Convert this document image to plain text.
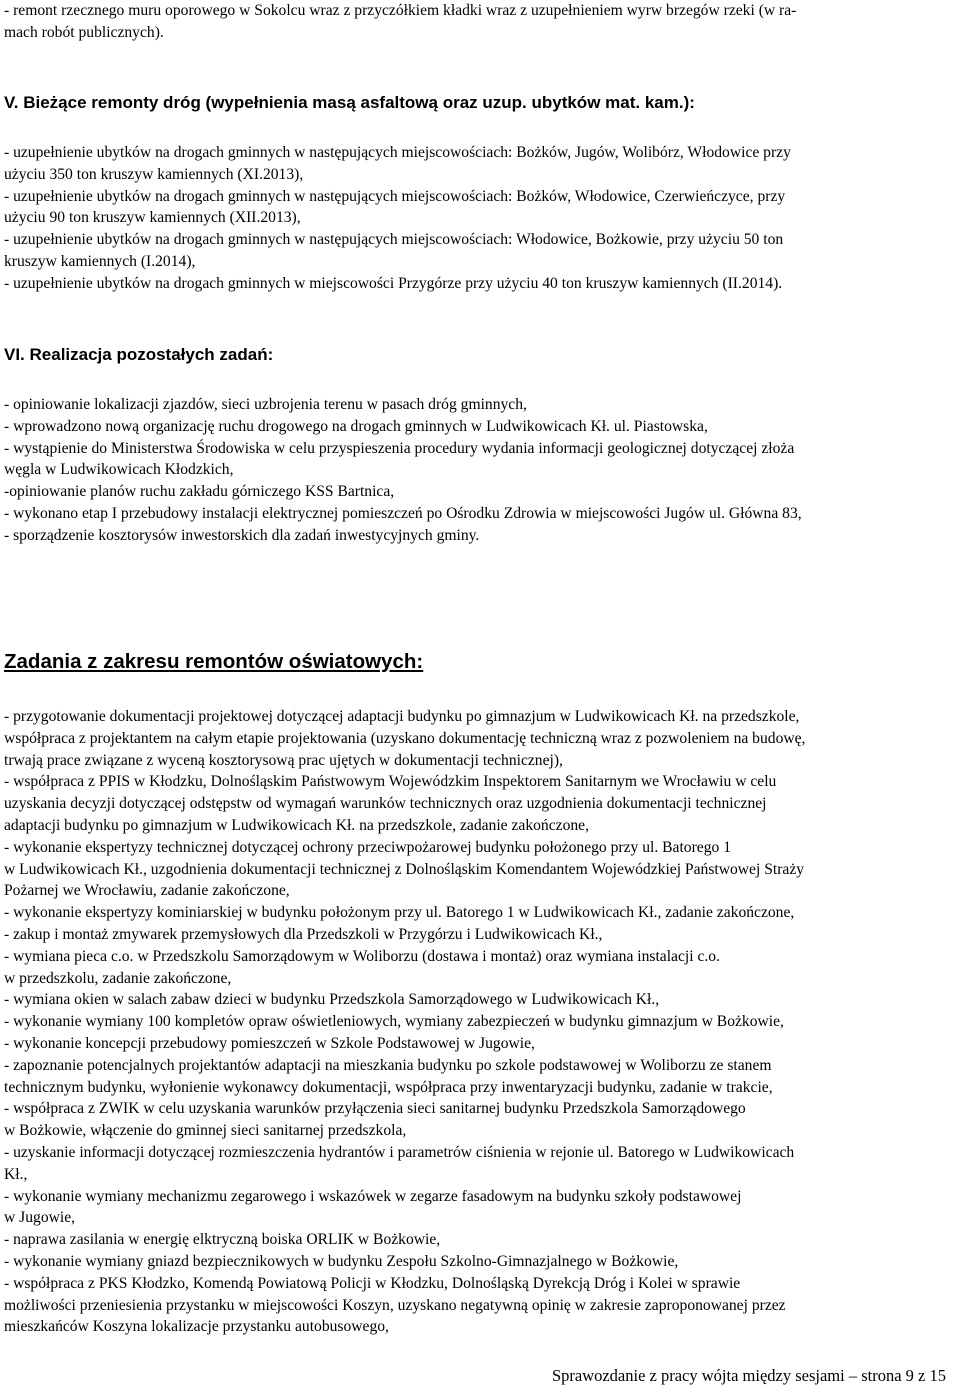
- remont rzecznego muru oporowego w Sokolcu wraz z przyczółkiem kładki wraz z uzupełnieniem wyrw brzegów rzeki (w ra-
mach robót publicznych).
V. Bieżące remonty dróg (wypełnienia masą asfaltową oraz uzup. ubytków mat. kam.):
- uzupełnienie ubytków na drogach gminnych w następujących miejscowościach: Bożków, Jugów, Wolibórz, Włodowice przy
użyciu 350 ton kruszyw kamiennych (XI.2013),
- uzupełnienie ubytków na drogach gminnych w następujących miejscowościach: Bożków, Włodowice, Czerwieńczyce, przy
użyciu 90 ton kruszyw kamiennych (XII.2013),
- uzupełnienie ubytków na drogach gminnych w następujących miejscowościach: Włodowice, Bożkowie, przy użyciu 50 ton
kruszyw kamiennych (I.2014),
- uzupełnienie ubytków na drogach gminnych w miejscowości Przygórze przy użyciu 40 ton kruszyw kamiennych (II.2014).
VI. Realizacja pozostałych zadań:
- opiniowanie lokalizacji zjazdów, sieci uzbrojenia terenu w pasach dróg gminnych,
- wprowadzono nową organizację ruchu drogowego na drogach gminnych w Ludwikowicach Kł. ul. Piastowska,
- wystąpienie do Ministerstwa Środowiska w celu przyspieszenia procedury wydania informacji geologicznej dotyczącej złoża
węgla w Ludwikowicach Kłodzkich,
-opiniowanie planów ruchu zakładu górniczego KSS Bartnica,
- wykonano etap I przebudowy instalacji elektrycznej pomieszczeń po Ośrodku Zdrowia w miejscowości Jugów ul. Główna 83,
- sporządzenie kosztorysów inwestorskich dla zadań inwestycyjnych gminy.
Zadania z zakresu remontów oświatowych:
- przygotowanie dokumentacji projektowej dotyczącej adaptacji budynku po gimnazjum w Ludwikowicach Kł. na przedszkole,
współpraca z projektantem na całym etapie projektowania (uzyskano dokumentację techniczną wraz z pozwoleniem na budowę,
trwają prace związane z wyceną kosztorysową prac ujętych w dokumentacji technicznej),
- współpraca z PPIS w Kłodzku, Dolnośląskim Państwowym Wojewódzkim Inspektorem Sanitarnym we Wrocławiu w celu
uzyskania decyzji dotyczącej odstępstw od wymagań warunków technicznych oraz uzgodnienia dokumentacji technicznej
adaptacji budynku po gimnazjum w Ludwikowicach Kł. na przedszkole, zadanie zakończone,
- wykonanie ekspertyzy technicznej dotyczącej ochrony przeciwpożarowej budynku położonego przy ul. Batorego 1
w Ludwikowicach Kł., uzgodnienia dokumentacji technicznej z Dolnośląskim Komendantem Wojewódzkiej Państwowej Straży
Pożarnej we Wrocławiu, zadanie zakończone,
- wykonanie ekspertyzy kominiarskiej w budynku położonym przy ul. Batorego 1 w Ludwikowicach Kł., zadanie zakończone,
- zakup i montaż zmywarek przemysłowych dla Przedszkoli w Przygórzu i Ludwikowicach Kł.,
- wymiana pieca c.o. w Przedszkolu Samorządowym w Woliborzu (dostawa i montaż) oraz wymiana instalacji c.o.
w przedszkolu, zadanie zakończone,
- wymiana okien w salach zabaw dzieci w budynku Przedszkola Samorządowego w Ludwikowicach Kł.,
- wykonanie wymiany 100 kompletów opraw oświetleniowych, wymiany zabezpieczeń w budynku gimnazjum w Bożkowie,
- wykonanie koncepcji przebudowy pomieszczeń w Szkole Podstawowej w Jugowie,
- zapoznanie potencjalnych projektantów adaptacji na mieszkania budynku po szkole podstawowej w Woliborzu ze stanem
technicznym budynku, wyłonienie wykonawcy dokumentacji, współpraca przy inwentaryzacji budynku, zadanie w trakcie,
- współpraca z ZWIK w celu uzyskania warunków przyłączenia sieci sanitarnej budynku Przedszkola Samorządowego
w Bożkowie, włączenie do gminnej sieci sanitarnej przedszkola,
- uzyskanie informacji dotyczącej rozmieszczenia hydrantów i parametrów ciśnienia w rejonie ul. Batorego w Ludwikowicach
Kł.,
- wykonanie wymiany mechanizmu zegarowego i wskazówek w zegarze fasadowym na budynku szkoły podstawowej
w Jugowie,
- naprawa zasilania w energię elktryczną boiska ORLIK w Bożkowie,
- wykonanie wymiany gniazd bezpiecznikowych w budynku Zespołu Szkolno-Gimnazjalnego w Bożkowie,
- współpraca z PKS Kłodzko, Komendą Powiatową Policji w Kłodzku, Dolnośląską Dyrekcją Dróg i Kolei w sprawie
możliwości przeniesienia przystanku w miejscowości Koszyn, uzyskano negatywną opinię w zakresie zaproponowanej przez
mieszkańców Koszyna lokalizacje przystanku autobusowego,

Sprawozdanie z pracy wójta między sesjami – strona 9 z 15
